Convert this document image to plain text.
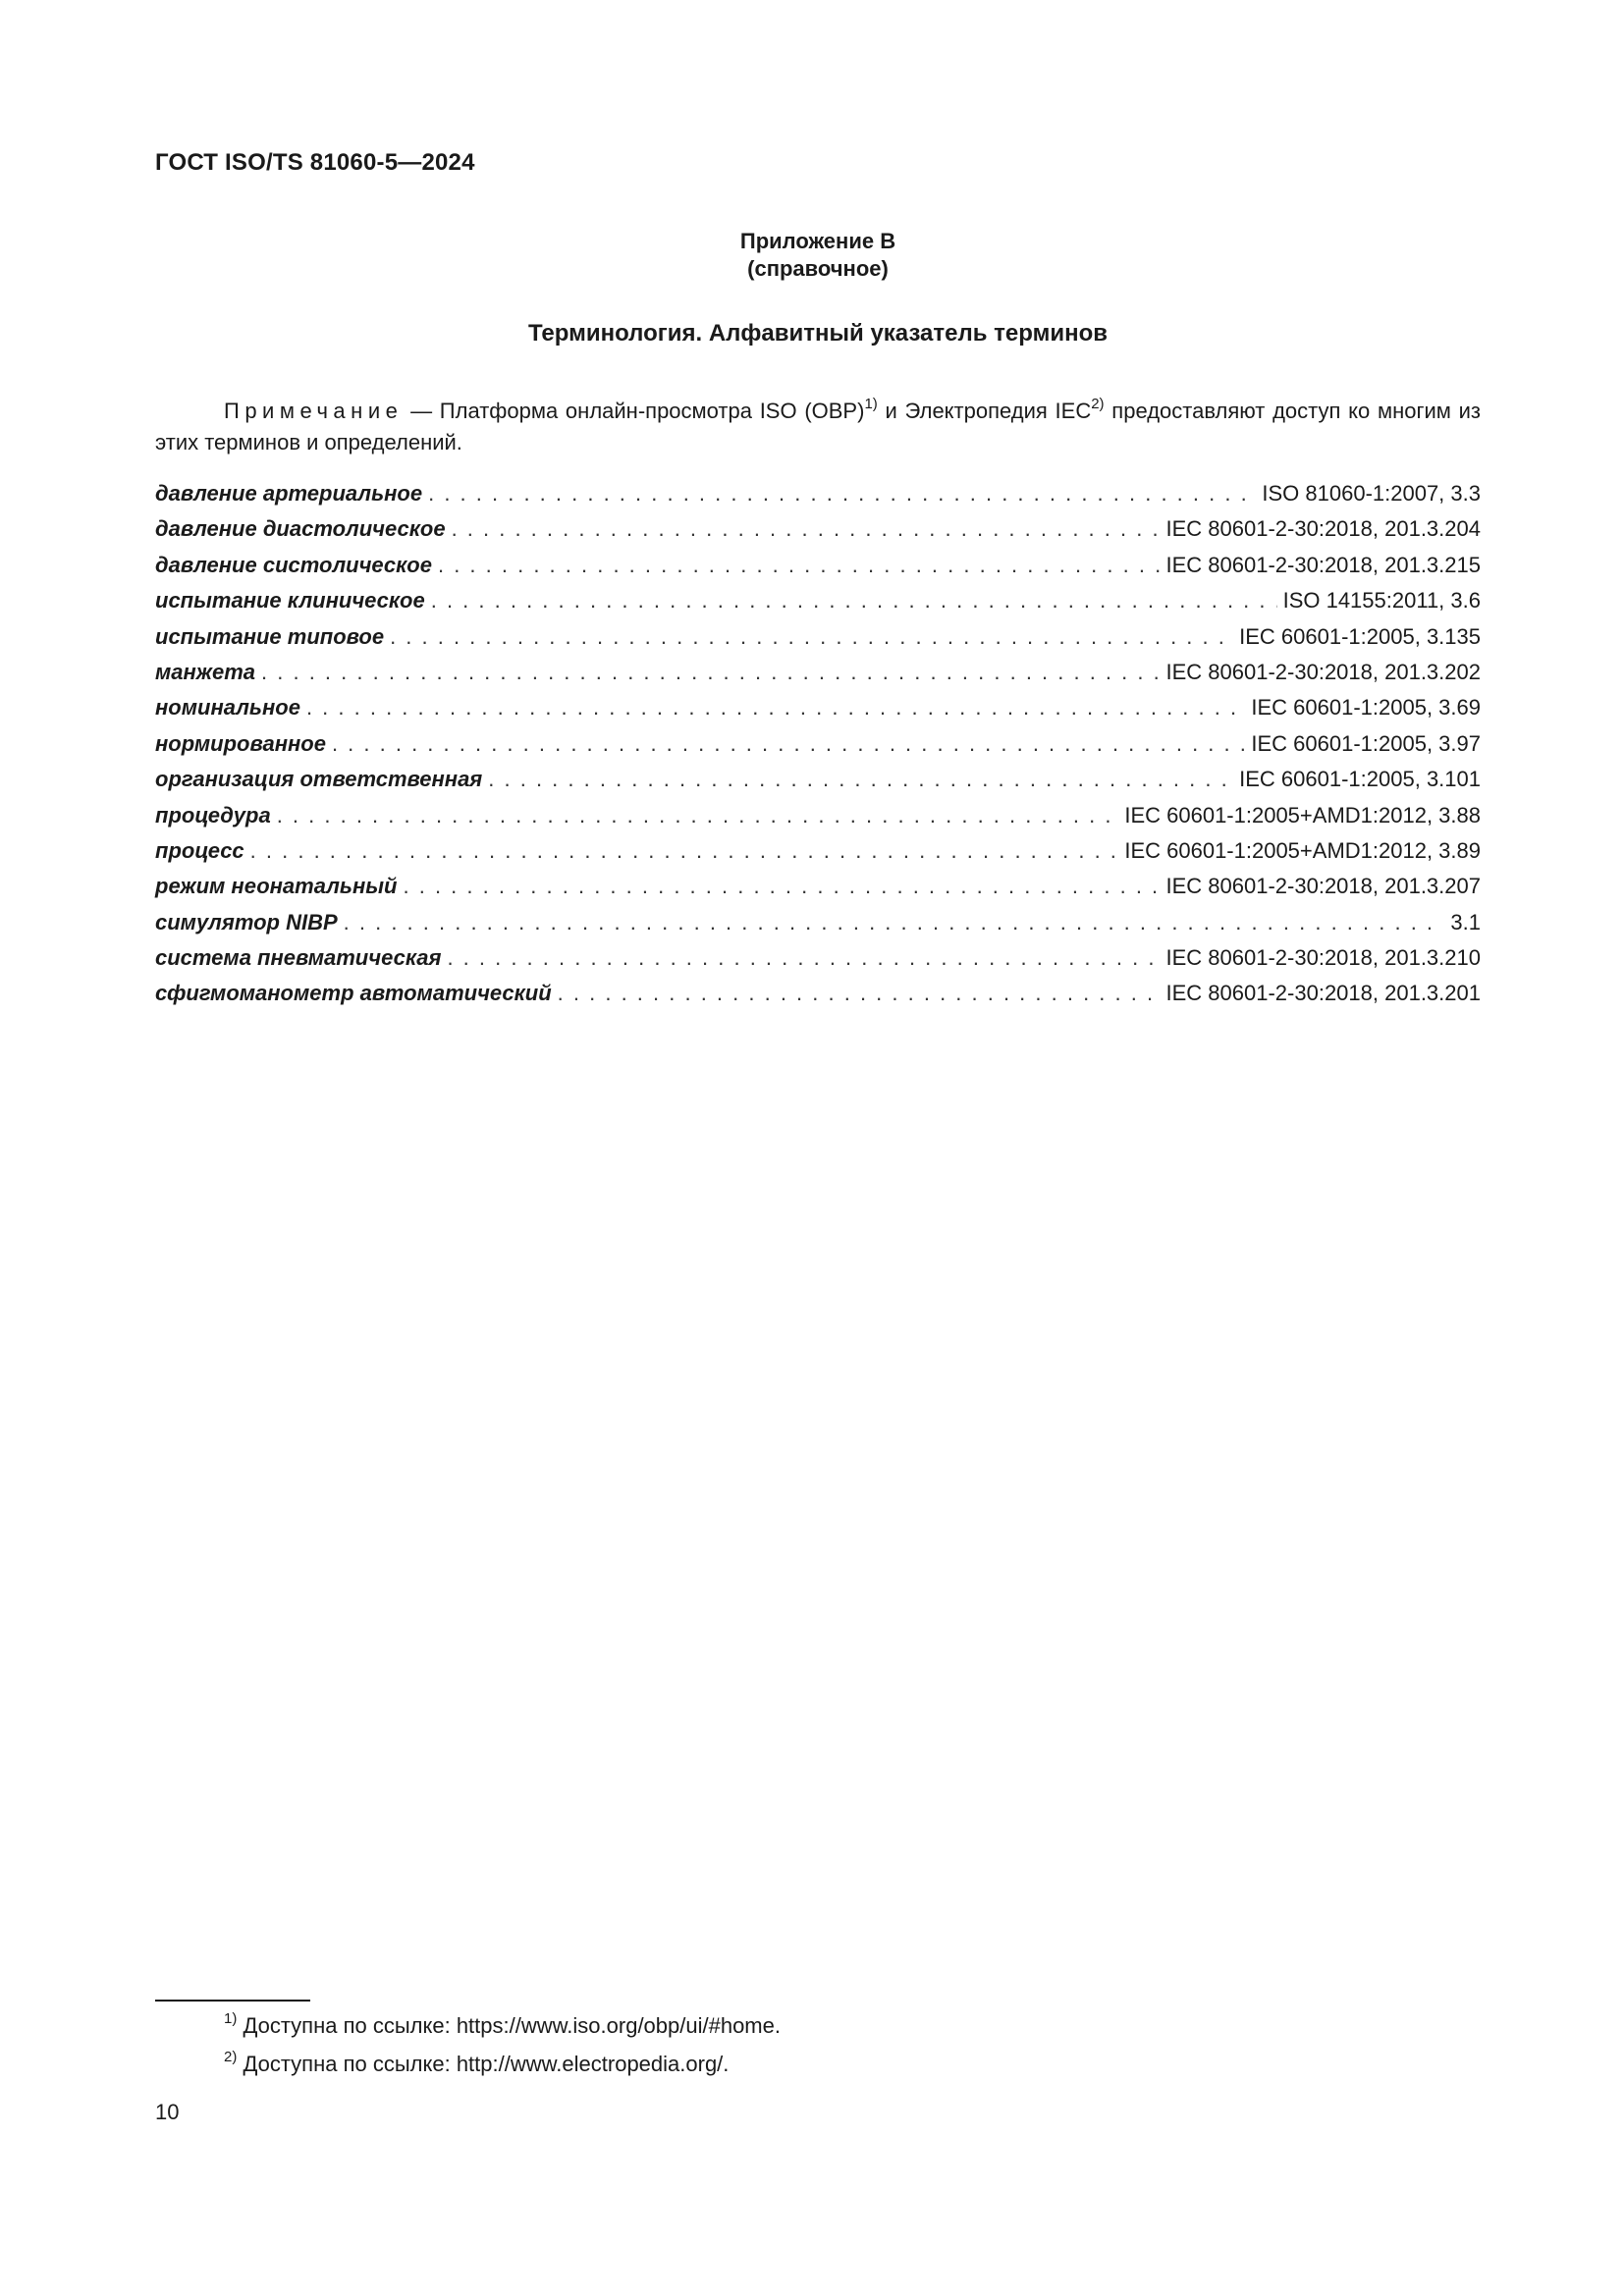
ГОСТ ISO/TS 81060-5—2024
Приложение В
(справочное)
Терминология. Алфавитный указатель терминов
Примечание — Платформа онлайн-просмотра ISO (OBP)$^{1)}$ и Электропедия IEC$^{2)}$ предоставляют доступ ко многим из этих терминов и определений.
давление артериальное . . .	ISO 81060-1:2007, 3.3
давление диастолическое . . .	IEC 80601-2-30:2018, 201.3.204
давление систолическое . . .	IEC 80601-2-30:2018, 201.3.215
испытание клиническое . . .	ISO 14155:2011, 3.6
испытание типовое . . .	IEC 60601-1:2005, 3.135
манжета . . .	IEC 80601-2-30:2018, 201.3.202
номинальное . . .	IEC 60601-1:2005, 3.69
нормированное . . .	IEC 60601-1:2005, 3.97
организация ответственная . . .	IEC 60601-1:2005, 3.101
процедура . . .	IEC 60601-1:2005+AMD1:2012, 3.88
процесс . . .	IEC 60601-1:2005+AMD1:2012, 3.89
режим неонатальный . . .	IEC 80601-2-30:2018, 201.3.207
симулятор NIBP . . .	3.1
система пневматическая . . .	IEC 80601-2-30:2018, 201.3.210
сфигмоманометр автоматический . . .	IEC 80601-2-30:2018, 201.3.201
$^{1)}$ Доступна по ссылке: https://www.iso.org/obp/ui/#home.
$^{2)}$ Доступна по ссылке: http://www.electropedia.org/.
10
